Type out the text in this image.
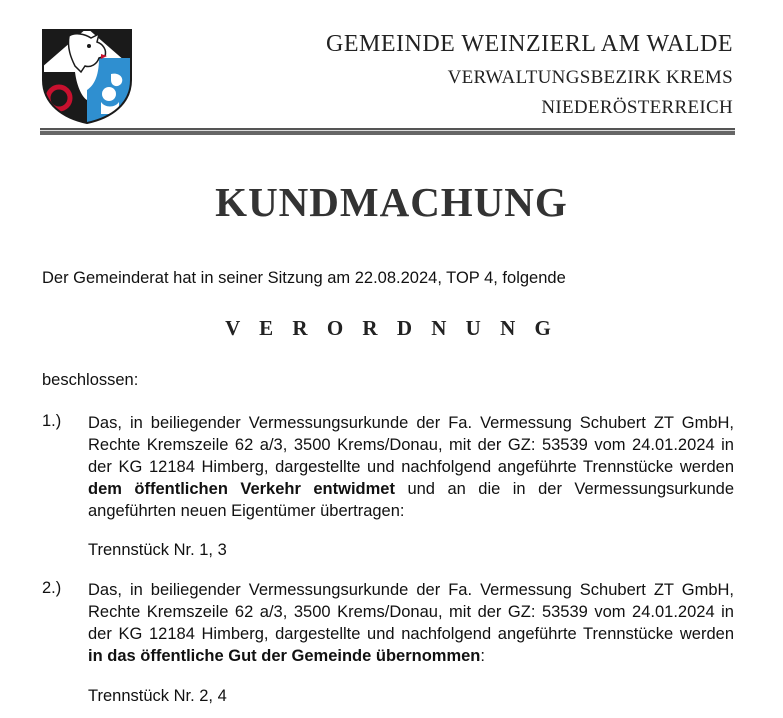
GEMEINDE WEINZIERL AM WALDE
VERWALTUNGSBEZIRK KREMS
NIEDERÖSTERREICH
KUNDMACHUNG
Der Gemeinderat hat in seiner Sitzung am 22.08.2024, TOP 4, folgende
V E R O R D N U N G
beschlossen:
1.) Das, in beiliegender Vermessungsurkunde der Fa. Vermessung Schubert ZT GmbH, Rechte Kremszeile 62 a/3, 3500 Krems/Donau, mit der GZ: 53539 vom 24.01.2024 in der KG 12184 Himberg, dargestellte und nachfolgend angeführte Trennstücke werden dem öffentlichen Verkehr entwidmet und an die in der Vermessungsurkunde angeführten neuen Eigentümer übertragen:
Trennstück Nr. 1, 3
2.) Das, in beiliegender Vermessungsurkunde der Fa. Vermessung Schubert ZT GmbH, Rechte Kremszeile 62 a/3, 3500 Krems/Donau, mit der GZ: 53539 vom 24.01.2024 in der KG 12184 Himberg, dargestellte und nachfolgend angeführte Trennstücke werden in das öffentliche Gut der Gemeinde übernommen:
Trennstück Nr. 2, 4
